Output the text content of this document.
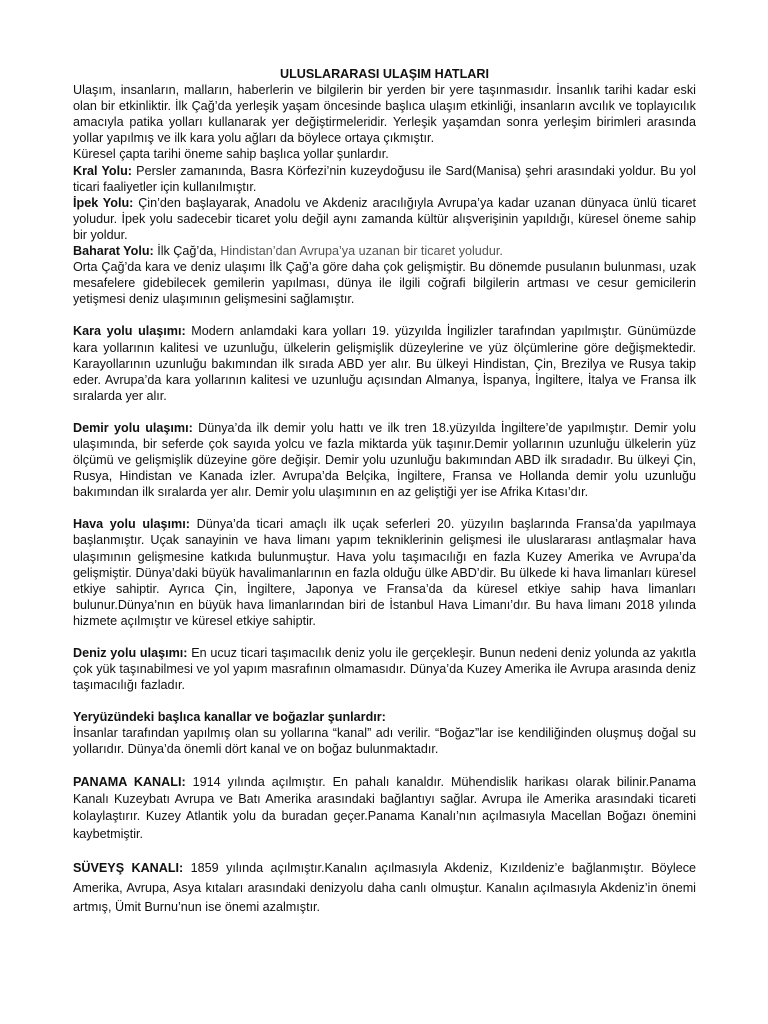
ULUSLARARASI ULAŞIM HATLARI

Ulaşım, insanların, malların, haberlerin ve bilgilerin bir yerden bir yere taşınmasıdır. İnsanlık tarihi kadar eski olan bir etkinliktir. İlk Çağ’da yerleşik yaşam öncesinde başlıca ulaşım etkinliği, insanların avcılık ve toplayıcılık amacıyla patika yolları kullanarak yer değiştirmeleridir. Yerleşik yaşamdan sonra yerleşim birimleri arasında yollar yapılmış ve ilk kara yolu ağları da böylece ortaya çıkmıştır.

Küresel çapta tarihi öneme sahip başlıca yollar şunlardır.

Kral Yolu: Persler zamanında, Basra Körfezi’nin kuzeydoğusu ile Sard(Manisa) şehri arasındaki yoldur. Bu yol ticari faaliyetler için kullanılmıştır.

İpek Yolu: Çin’den başlayarak, Anadolu ve Akdeniz aracılığıyla Avrupa’ya kadar uzanan dünyaca ünlü ticaret yoludur. İpek yolu sadecebir ticaret yolu değil aynı zamanda kültür alışverişinin yapıldığı, küresel öneme sahip bir yoldur.

Baharat Yolu: İlk Çağ’da, Hindistan’dan Avrupa’ya uzanan bir ticaret yoludur.

Orta Çağ’da kara ve deniz ulaşımı İlk Çağ’a göre daha çok gelişmiştir. Bu dönemde pusulanın bulunması, uzak mesafelere gidebilecek gemilerin yapılması, dünya ile ilgili coğrafi bilgilerin artması ve cesur gemicilerin yetişmesi deniz ulaşımının gelişmesini sağlamıştır.

Kara yolu ulaşımı: Modern anlamdaki kara yolları 19. yüzyılda İngilizler tarafından yapılmıştır. Günümüzde kara yollarının kalitesi ve uzunluğu, ülkelerin gelişmişlik düzeylerine ve yüz ölçümlerine göre değişmektedir. Karayollarının uzunluğu bakımından ilk sırada ABD yer alır. Bu ülkeyi Hindistan, Çin, Brezilya ve Rusya takip eder. Avrupa’da kara yollarının kalitesi ve uzunluğu açısından Almanya, İspanya, İngiltere, İtalya ve Fransa ilk sıralarda yer alır.

Demir yolu ulaşımı: Dünya’da ilk demir yolu hattı ve ilk tren 18.yüzyılda İngiltere’de yapılmıştır. Demir yolu ulaşımında, bir seferde çok sayıda yolcu ve fazla miktarda yük taşınır.Demir yollarının uzunluğu ülkelerin yüz ölçümü ve gelişmişlik düzeyine göre değişir. Demir yolu uzunluğu bakımından ABD ilk sıradadır. Bu ülkeyi Çin, Rusya, Hindistan ve Kanada izler. Avrupa’da Belçika, İngiltere, Fransa ve Hollanda demir yolu uzunluğu bakımından ilk sıralarda yer alır. Demir yolu ulaşımının en az geliştiği yer ise Afrika Kıtası’dır.

Hava yolu ulaşımı: Dünya’da ticari amaçlı ilk uçak seferleri 20. yüzyılın başlarında Fransa’da yapılmaya başlanmıştır. Uçak sanayinin ve hava limanı yapım tekniklerinin gelişmesi ile uluslararası antlaşmalar hava ulaşımının gelişmesine katkıda bulunmuştur. Hava yolu taşımacılığı en fazla Kuzey Amerika ve Avrupa’da gelişmiştir. Dünya’daki büyük havalimanlarının en fazla olduğu ülke ABD’dir. Bu ülkede ki hava limanları küresel etkiye sahiptir. Ayrıca Çin, İngiltere, Japonya ve Fransa’da da küresel etkiye sahip hava limanları bulunur.Dünya’nın en büyük hava limanlarından biri de İstanbul Hava Limanı’dır. Bu hava limanı 2018 yılında hizmete açılmıştır ve küresel etkiye sahiptir.

Deniz yolu ulaşımı: En ucuz ticari taşımacılık deniz yolu ile gerçekleşir. Bunun nedeni deniz yolunda az yakıtla çok yük taşınabilmesi ve yol yapım masrafının olmamasıdır. Dünya’da Kuzey Amerika ile Avrupa arasında deniz taşımacılığı fazladır.

Yeryüzündeki başlıca kanallar ve boğazlar şunlardır:

İnsanlar tarafından yapılmış olan su yollarına “kanal” adı verilir. “Boğaz”lar ise kendiliğinden oluşmuş doğal su yollarıdır. Dünya’da önemli dört kanal ve on boğaz bulunmaktadır.

PANAMA KANALI: 1914 yılında açılmıştır. En pahalı kanaldır. Mühendislik harikası olarak bilinir.Panama Kanalı Kuzeybatı Avrupa ve Batı Amerika arasındaki bağlantıyı sağlar. Avrupa ile Amerika arasındaki ticareti kolaylaştırır. Kuzey Atlantik yolu da buradan geçer.Panama Kanalı’nın açılmasıyla Macellan Boğazı önemini kaybetmiştir.

SÜVEYŞ KANALI: 1859 yılında açılmıştır.Kanalın açılmasıyla Akdeniz, Kızıldeniz’e bağlanmıştır. Böylece Amerika, Avrupa, Asya kıtaları arasındaki denizyolu daha canlı olmuştur. Kanalın açılmasıyla Akdeniz’in önemi artmış, Ümit Burnu’nun ise önemi azalmıştır.
